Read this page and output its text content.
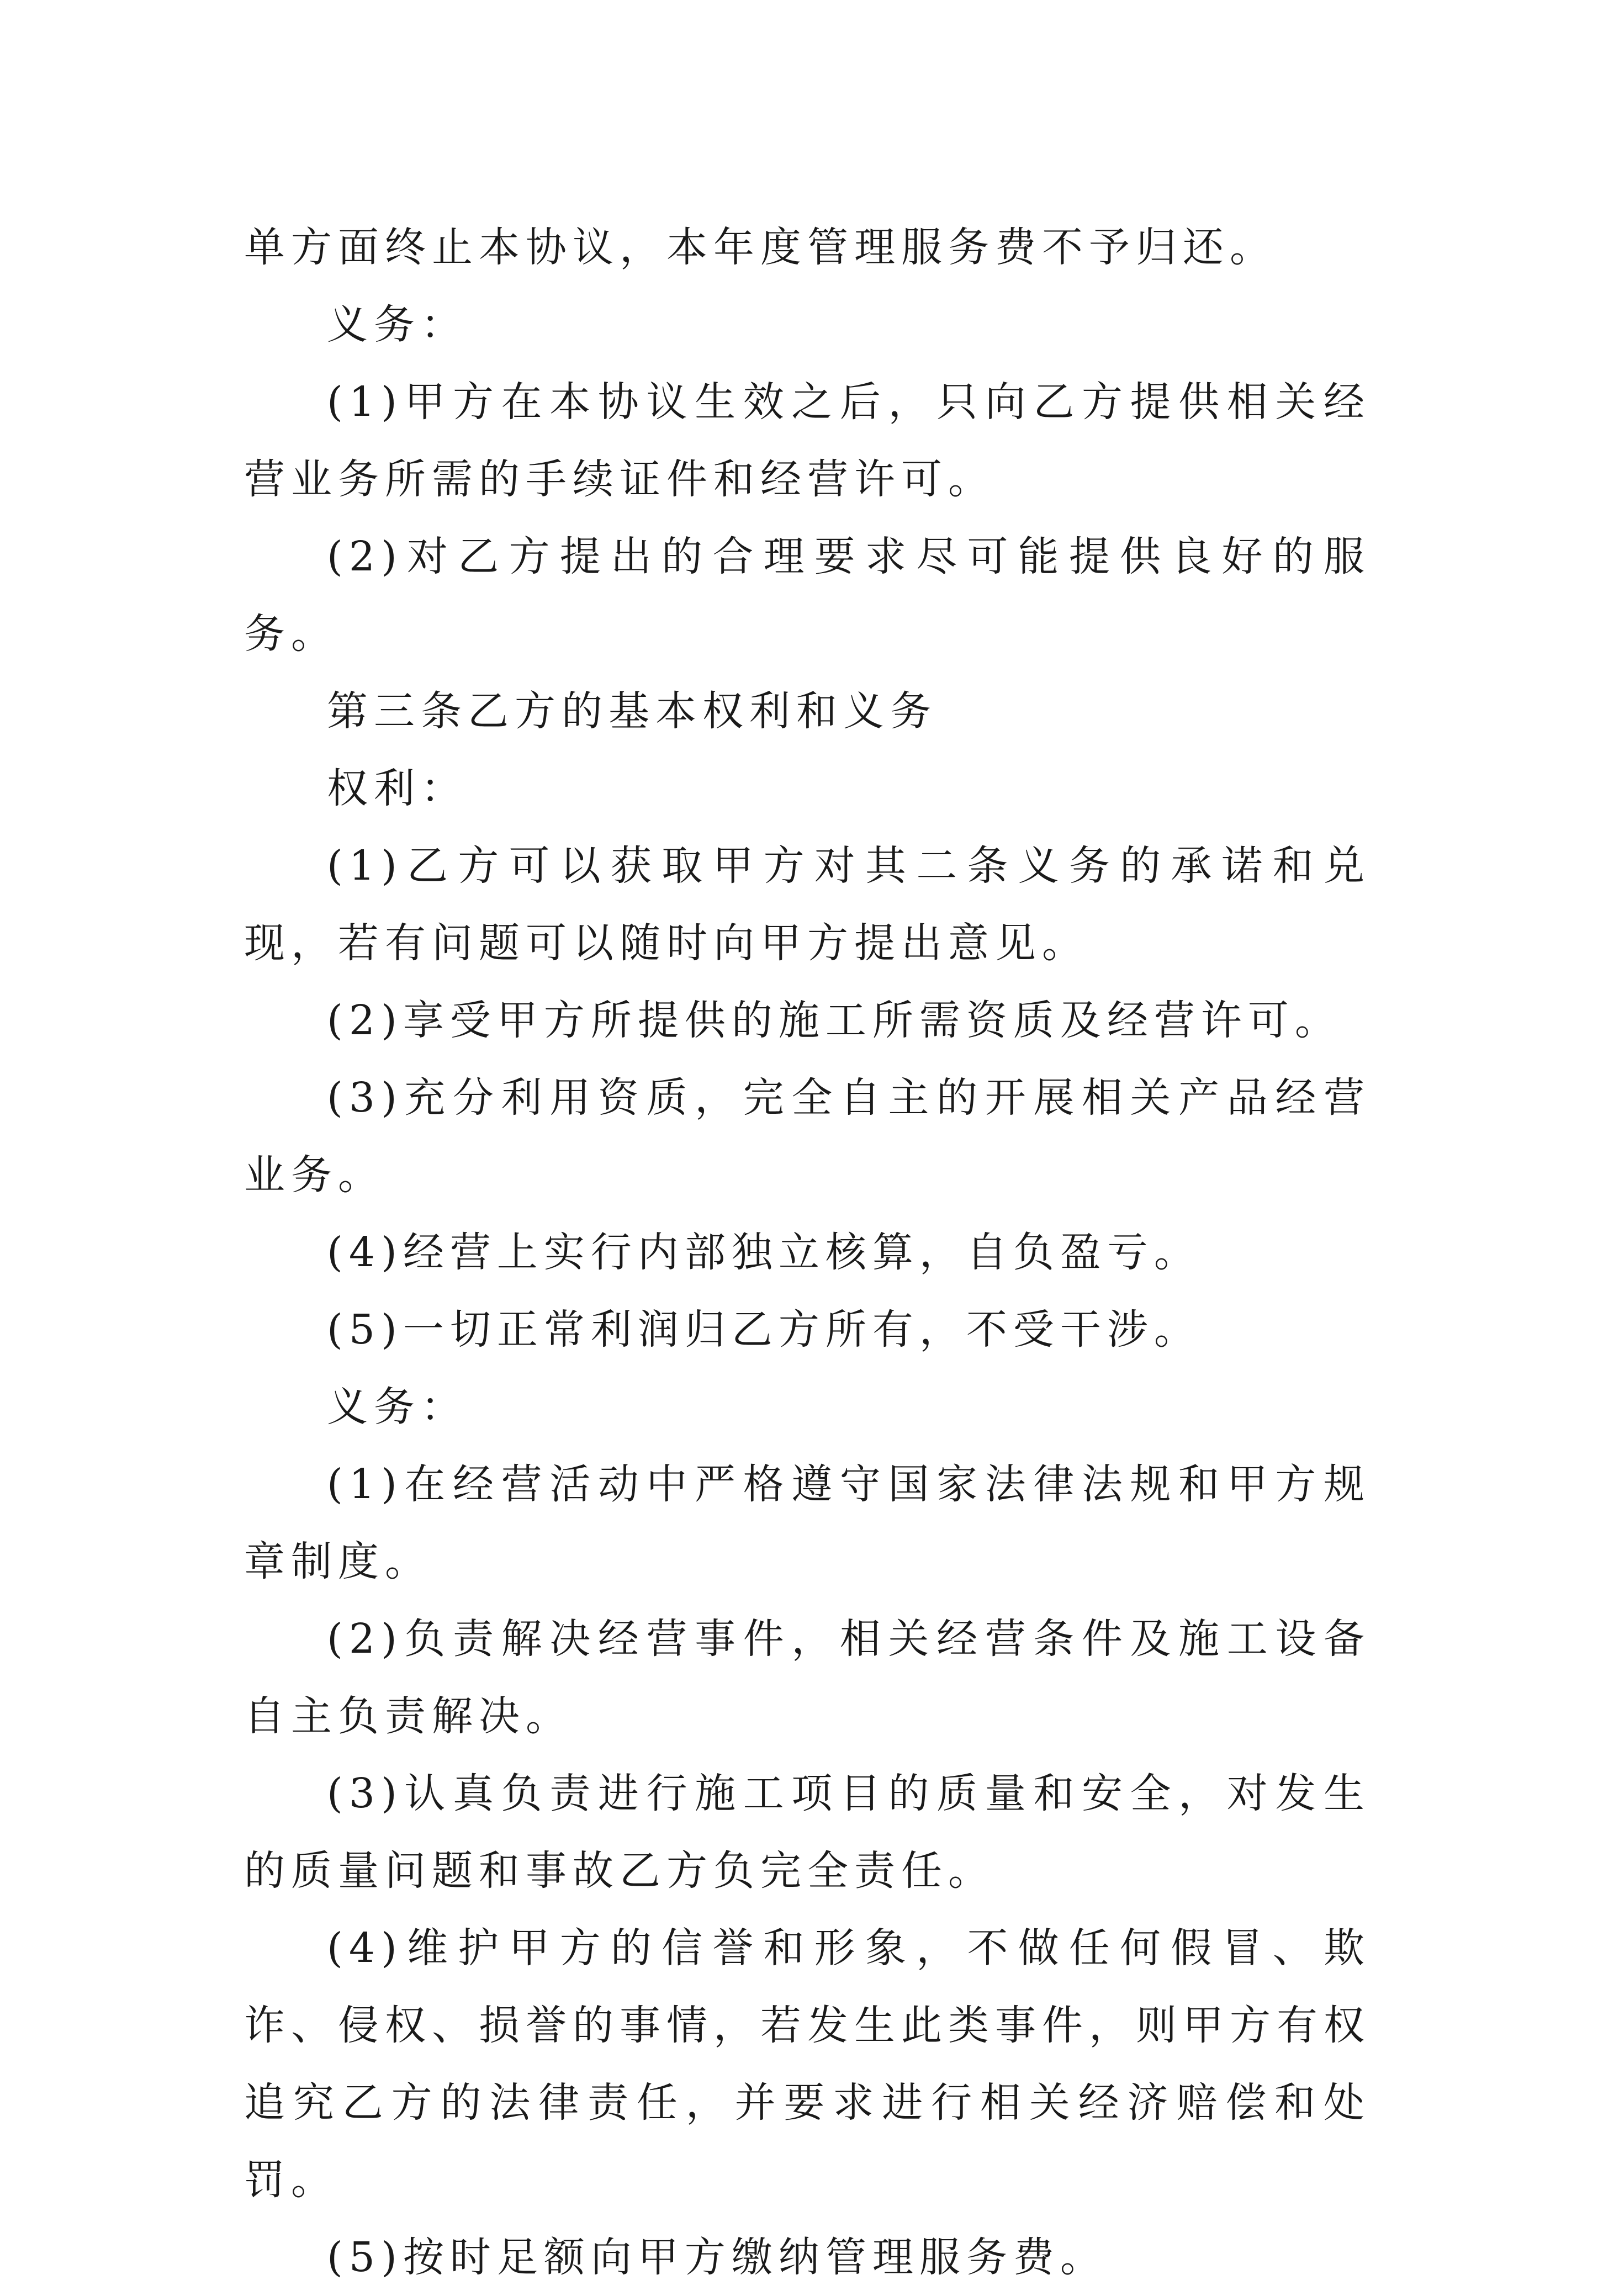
单方面终止本协议，本年度管理服务费不予归还。

义务：

(1)甲方在本协议生效之后，只向乙方提供相关经营业务所需的手续证件和经营许可。

(2)对乙方提出的合理要求尽可能提供良好的服务。

第三条乙方的基本权利和义务

权利：

(1)乙方可以获取甲方对其二条义务的承诺和兑现，若有问题可以随时向甲方提出意见。

(2)享受甲方所提供的施工所需资质及经营许可。

(3)充分利用资质，完全自主的开展相关产品经营业务。

(4)经营上实行内部独立核算，自负盈亏。

(5)一切正常利润归乙方所有，不受干涉。

义务：

(1)在经营活动中严格遵守国家法律法规和甲方规章制度。

(2)负责解决经营事件，相关经营条件及施工设备自主负责解决。

(3)认真负责进行施工项目的质量和安全，对发生的质量问题和事故乙方负完全责任。

(4)维护甲方的信誉和形象，不做任何假冒、欺诈、侵权、损誉的事情，若发生此类事件，则甲方有权追究乙方的法律责任，并要求进行相关经济赔偿和处罚。

(5)按时足额向甲方缴纳管理服务费。
